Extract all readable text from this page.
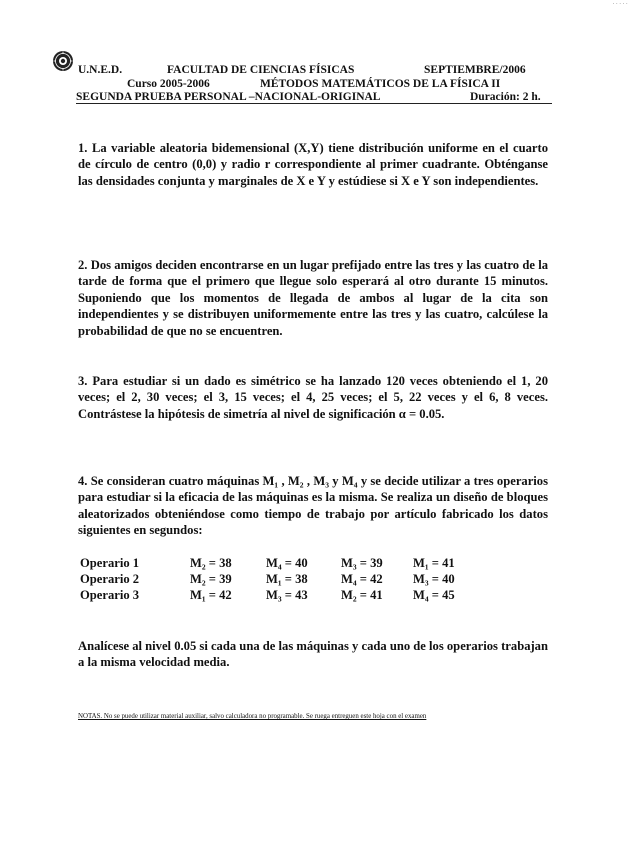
·····
U.N.E.D.	FACULTAD DE CIENCIAS FÍSICAS	SEPTIEMBRE/2006
Curso 2005-2006	MÉTODOS MATEMÁTICOS DE LA FÍSICA II
SEGUNDA PRUEBA PERSONAL –NACIONAL-ORIGINAL	Duración: 2 h.
1. La variable aleatoria bidemensional (X,Y) tiene distribución uniforme en el cuarto de círculo de centro (0,0) y radio r correspondiente al primer cuadrante. Obténganse las densidades conjunta y marginales de X e Y y estúdiese si X e Y son independientes.
2. Dos amigos deciden encontrarse en un lugar prefijado entre las tres y las cuatro de la tarde de forma que el primero que llegue solo esperará al otro durante 15 minutos. Suponiendo que los momentos de llegada de ambos al lugar de la cita son independientes y se distribuyen uniformemente entre las tres y las cuatro, calcúlese la probabilidad de que no se encuentren.
3. Para estudiar si un dado es simétrico se ha lanzado 120 veces obteniendo el 1, 20 veces; el 2, 30 veces; el 3, 15 veces; el 4, 25 veces; el 5, 22 veces y el 6, 8 veces. Contrástese la hipótesis de simetría al nivel de significación α = 0.05.
4. Se consideran cuatro máquinas M₁ , M₂ , M₃ y M₄ y se decide utilizar a tres operarios para estudiar si la eficacia de las máquinas es la misma. Se realiza un diseño de bloques aleatorizados obteniéndose como tiempo de trabajo por artículo fabricado los datos siguientes en segundos:
Operario 1	M₂ = 38	M₄ = 40	M₃ = 39 M₁ = 41
Operario 2	M₂ = 39	M₁ = 38	M₄ = 42 M₃ = 40
Operario 3	M₁ = 42	M₃ = 43	M₂ = 41 M₄ = 45
Analícese al nivel 0.05 si cada una de las máquinas y cada uno de los operarios trabajan a la misma velocidad media.
NOTAS. No se puede utilizar material auxiliar, salvo calculadora no programable. Se ruega entreguen este hoja con el examen
